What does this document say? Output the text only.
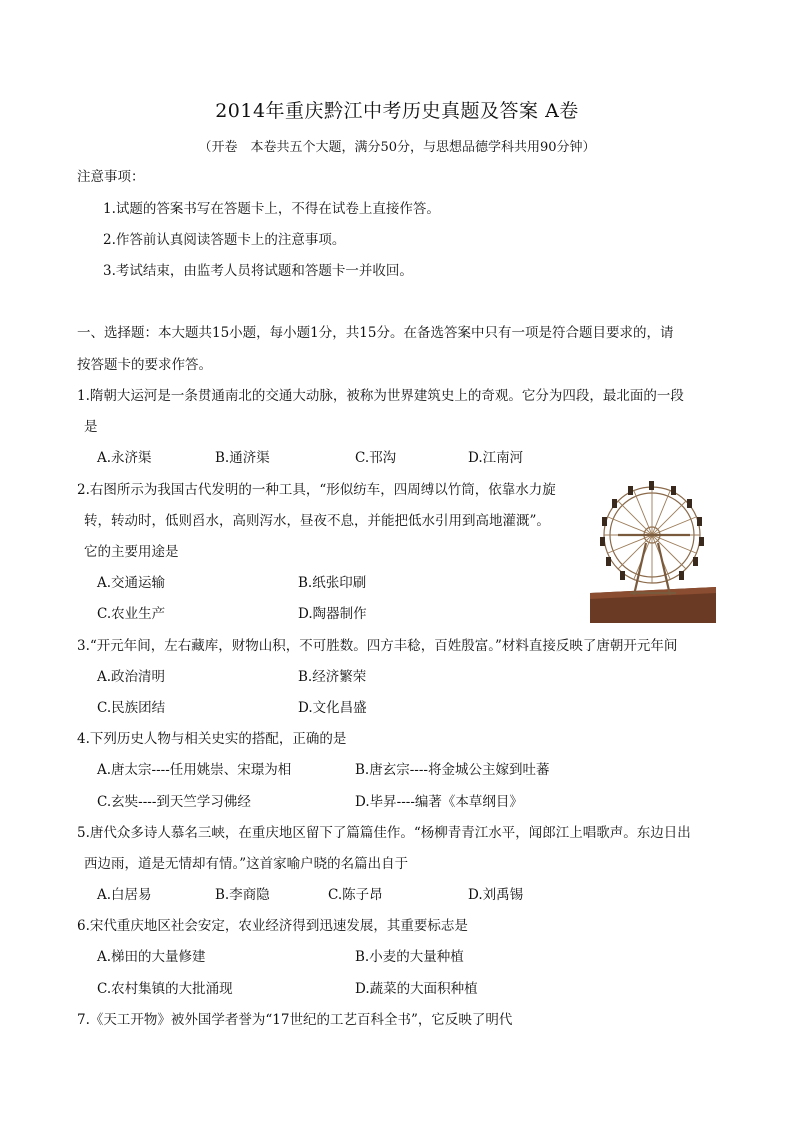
2014年重庆黔江中考历史真题及答案 A卷
（开卷　本卷共五个大题，满分50分，与思想品德学科共用90分钟）
注意事项：
1.试题的答案书写在答题卡上，不得在试卷上直接作答。
2.作答前认真阅读答题卡上的注意事项。
3.考试结束，由监考人员将试题和答题卡一并收回。
一、选择题：本大题共15小题，每小题1分，共15分。在备选答案中只有一项是符合题目要求的，请
按答题卡的要求作答。
1.隋朝大运河是一条贯通南北的交通大动脉，被称为世界建筑史上的奇观。它分为四段，最北面的一段
是
A.永济渠	B.通济渠	C.邗沟	D.江南河
2.右图所示为我国古代发明的一种工具，“形似纺车，四周缚以竹筒，依靠水力旋
转，转动时，低则舀水，高则泻水，昼夜不息，并能把低水引用到高地灌溉”。
它的主要用途是
A.交通运输	B.纸张印刷
C.农业生产	D.陶器制作
3.“开元年间，左右藏库，财物山积，不可胜数。四方丰稔，百姓殷富。”材料直接反映了唐朝开元年间
A.政治清明	B.经济繁荣
C.民族团结	D.文化昌盛
4.下列历史人物与相关史实的搭配，正确的是
A.唐太宗----任用姚崇、宋璟为相	B.唐玄宗----将金城公主嫁到吐蕃
C.玄奘----到天竺学习佛经	D.毕昇----编著《本草纲目》
5.唐代众多诗人慕名三峡，在重庆地区留下了篇篇佳作。“杨柳青青江水平，闻郎江上唱歌声。东边日出
西边雨，道是无情却有情。”这首家喻户晓的名篇出自于
A.白居易	B.李商隐	C.陈子昂	D.刘禹锡
6.宋代重庆地区社会安定，农业经济得到迅速发展，其重要标志是
A.梯田的大量修建	B.小麦的大量种植
C.农村集镇的大批涌现	D.蔬菜的大面积种植
7.《天工开物》被外国学者誉为“17世纪的工艺百科全书”，它反映了明代
